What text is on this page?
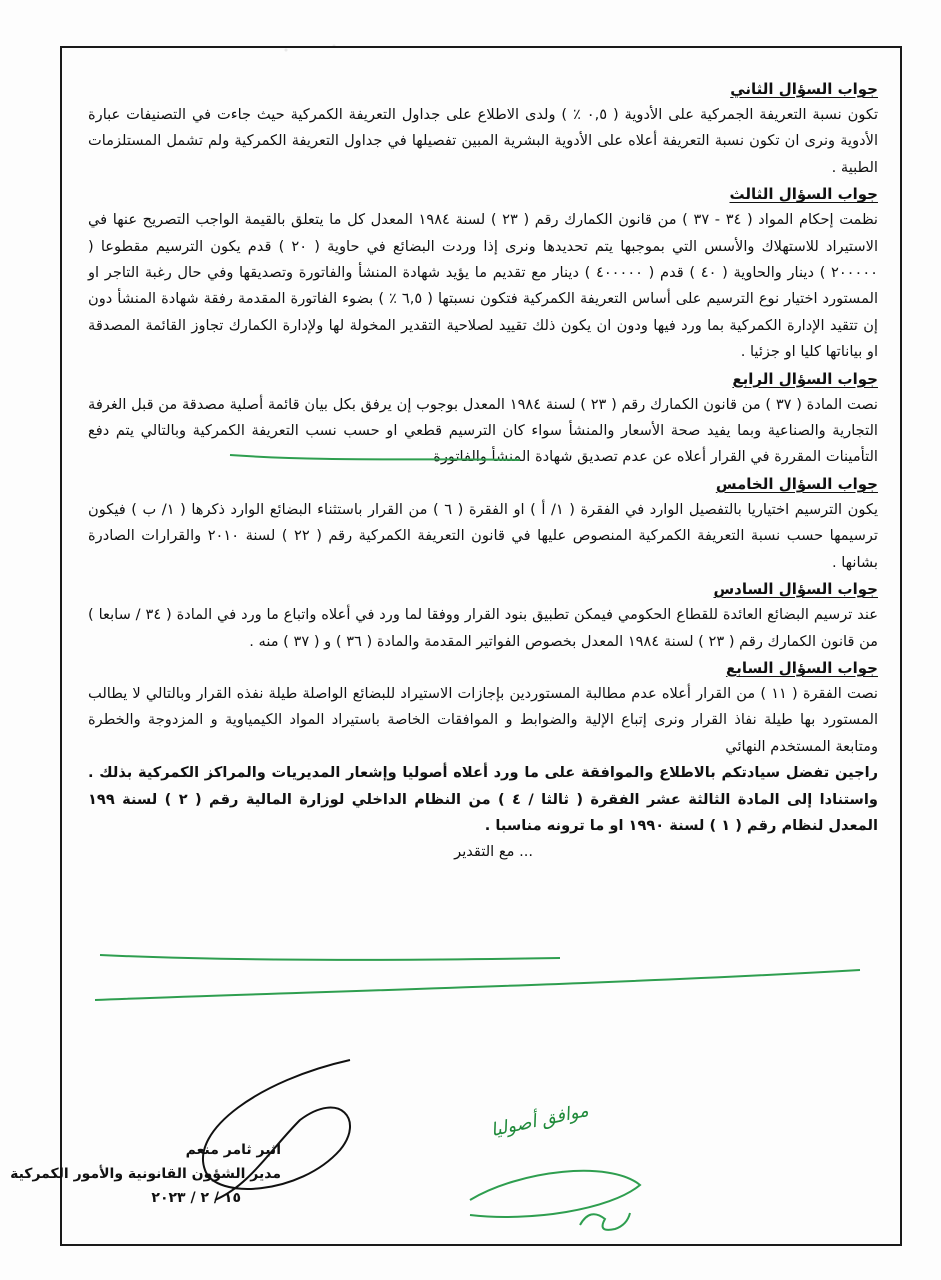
جواب السؤال الثاني

تكون نسبة التعريفة الجمركية على الأدوية ( ٠,٥ ٪ ) ولدى الاطلاع على جداول التعريفة الكمركية حيث جاءت في التصنيفات عبارة الأدوية ونرى ان تكون نسبة التعريفة أعلاه على الأدوية البشرية المبين تفصيلها في جداول التعريفة الكمركية ولم تشمل المستلزمات الطبية .

جواب السؤال الثالث

نظمت إحكام المواد ( ٣٤ - ٣٧ ) من قانون الكمارك رقم ( ٢٣ ) لسنة ١٩٨٤ المعدل كل ما يتعلق بالقيمة الواجب التصريح عنها في الاستيراد للاستهلاك والأسس التي بموجبها يتم تحديدها ونرى إذا وردت البضائع في حاوية ( ٢٠ ) قدم يكون الترسيم مقطوعا ( ٢٠٠٠٠٠ ) دينار والحاوية ( ٤٠ ) قدم ( ٤٠٠٠٠٠ ) دينار مع تقديم ما يؤيد شهادة المنشأ والفاتورة وتصديقها وفي حال رغبة التاجر او المستورد اختيار نوع الترسيم على أساس التعريفة الكمركية فتكون نسبتها ( ٦,٥ ٪ ) بضوء الفاتورة المقدمة رفقة شهادة المنشأ دون إن تتقيد الإدارة الكمركية بما ورد فيها ودون ان يكون ذلك تقييد لصلاحية التقدير المخولة لها ولإدارة الكمارك تجاوز القائمة المصدقة او بياناتها كليا او جزئيا .

جواب السؤال الرابع

نصت المادة ( ٣٧ ) من قانون الكمارك رقم ( ٢٣ ) لسنة ١٩٨٤ المعدل بوجوب إن يرفق بكل بيان قائمة أصلية مصدقة من قبل الغرفة التجارية والصناعية وبما يفيد صحة الأسعار والمنشأ سواء كان الترسيم قطعي او حسب نسب التعريفة الكمركية وبالتالي يتم دفع التأمينات المقررة في القرار أعلاه عن عدم تصديق شهادة المنشأ والفاتورة

جواب السؤال الخامس

يكون الترسيم اختياريا بالتفصيل الوارد في الفقرة ( ١/ أ ) او الفقرة ( ٦ ) من القرار باستثناء البضائع الوارد ذكرها ( ١/ ب ) فيكون ترسيمها حسب نسبة التعريفة الكمركية المنصوص عليها في قانون التعريفة الكمركية رقم ( ٢٢ ) لسنة ٢٠١٠ والقرارات الصادرة بشانها .

جواب السؤال السادس

عند ترسيم البضائع العائدة للقطاع الحكومي فيمكن تطبيق بنود القرار ووفقا لما ورد في أعلاه واتباع ما ورد في المادة ( ٣٤ / سابعا ) من قانون الكمارك رقم ( ٢٣ ) لسنة ١٩٨٤ المعدل بخصوص الفواتير المقدمة والمادة ( ٣٦ ) و ( ٣٧ ) منه .

جواب السؤال السابع

نصت الفقرة ( ١١ ) من القرار أعلاه عدم مطالبة المستوردين بإجازات الاستيراد للبضائع الواصلة طيلة نفذه القرار وبالتالي لا يطالب المستورد بها طيلة نفاذ القرار ونرى إتباع الإلية والضوابط و الموافقات الخاصة باستيراد المواد الكيمياوية و المزدوجة والخطرة ومتابعة المستخدم النهائي

راجين تفضل سيادتكم بالاطلاع والموافقة على ما ورد أعلاه أصوليا وإشعار المديريات والمراكز الكمركية بذلك . واستنادا إلى المادة الثالثة عشر الفقرة ( ثالثا / ٤ ) من النظام الداخلي لوزارة المالية رقم ( ٢ ) لسنة ١٩٩ المعدل لنظام رقم ( ١ ) لسنة ١٩٩٠ او ما ترونه مناسبا .

... مع التقدير

موافق أصوليا
اثير ثامر منعم
مدير الشؤون القانونية والأمور الكمركية
١٥ / ٢ / ٢٠٢٣
